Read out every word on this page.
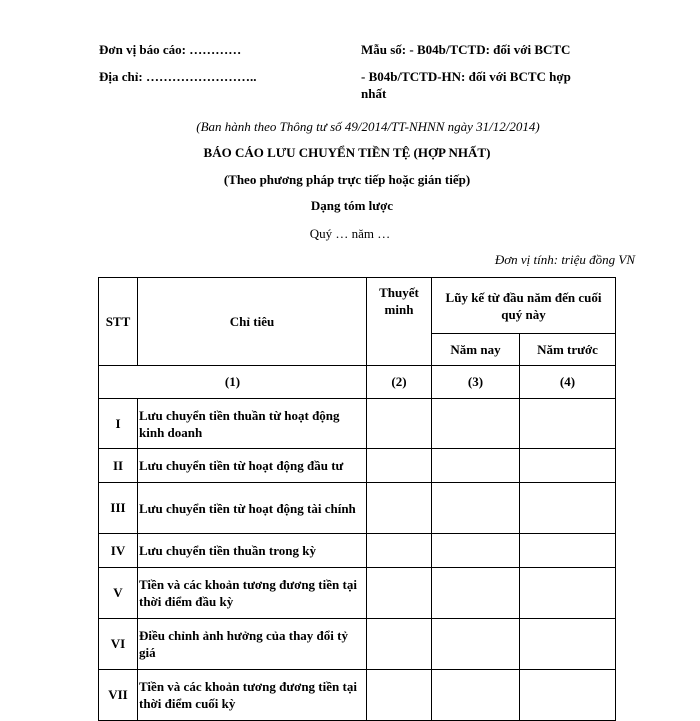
Đơn vị báo cáo: …………
Địa chỉ: ……………………..
Mẫu số: - B04b/TCTD: đối với BCTC
- B04b/TCTD-HN: đối với BCTC hợp
nhất
(Ban hành theo Thông tư số 49/2014/TT-NHNN ngày 31/12/2014)
BÁO CÁO LƯU CHUYỂN TIỀN TỆ (HỢP NHẤT)
(Theo phương pháp trực tiếp hoặc gián tiếp)
Dạng tóm lược
Quý … năm …
Đơn vị tính: triệu đồng VN
STT	Chỉ tiêu	Thuyết minh	Lũy kế từ đầu năm đến cuối quý này	
			Năm nay	Năm trước
(1)		(2)	(3)	(4)
I	Lưu chuyển tiền thuần từ hoạt động kinh doanh			
II	Lưu chuyển tiền từ hoạt động đầu tư			
III	Lưu chuyển tiền từ hoạt động tài chính			
IV	Lưu chuyển tiền thuần trong kỳ			
V	Tiền và các khoản tương đương tiền tại thời điểm đầu kỳ			
VI	Điều chỉnh ảnh hưởng của thay đổi tỷ giá			
VII	Tiền và các khoản tương đương tiền tại thời điểm cuối kỳ			
